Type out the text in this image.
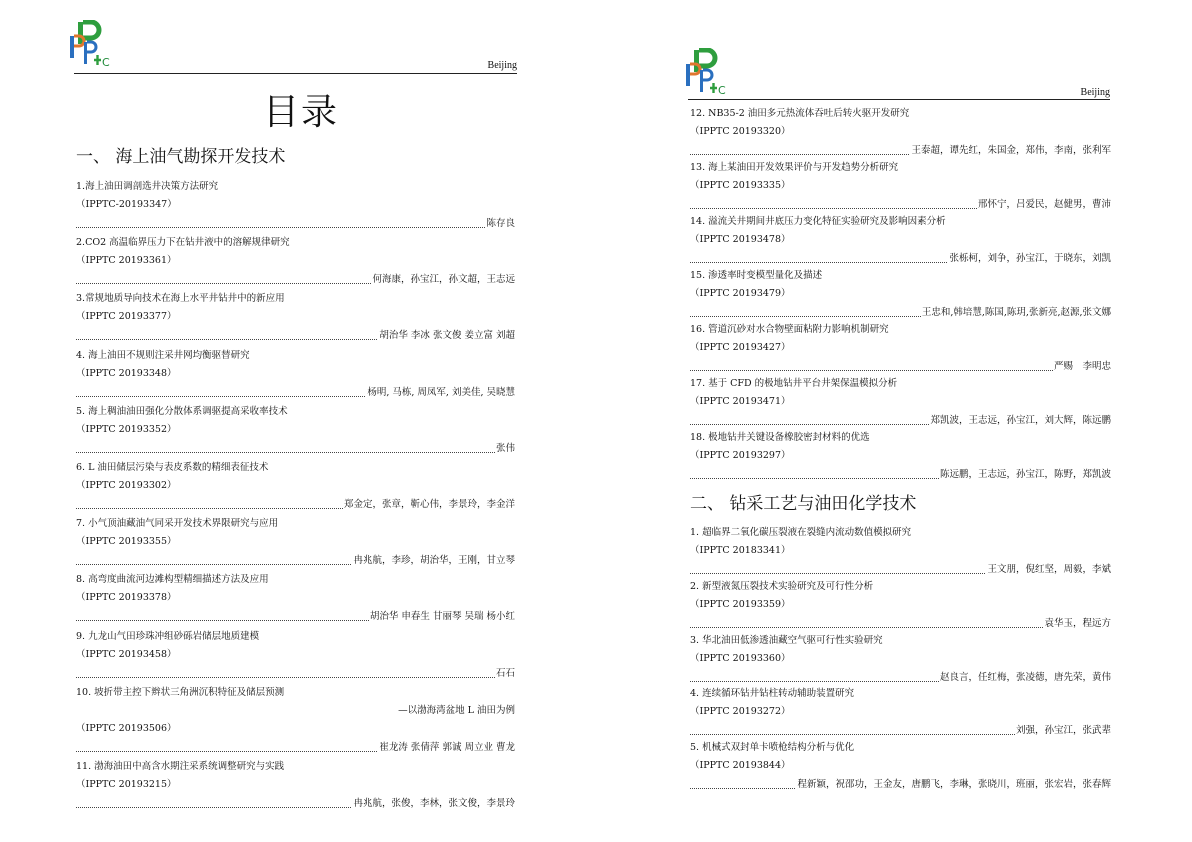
C	Beijing
目录
一、 海上油气勘探开发技术
1.海上油田调剖选井决策方法研究
（IPPTC-20193347）
陈存良
2.CO2 高温临界压力下在钻井液中的溶解规律研究
（IPPTC 20193361）
何海康，孙宝江，孙文超，王志远
3.常规地质导向技术在海上水平井钻井中的新应用
（IPPTC 20193377）
胡治华 李冰 张文俊 姜立富 刘超
4. 海上油田不规则注采井网均衡驱替研究
（IPPTC 20193348）
杨明, 马栋, 周凤军, 刘美佳, 吴晓慧
5. 海上稠油油田强化分散体系调驱提高采收率技术
（IPPTC 20193352）
张伟
6. L 油田储层污染与表皮系数的精细表征技术
（IPPTC 20193302）
郑金定，张章，靳心伟，李景玲，李金洋
7. 小气顶油藏油气同采开发技术界限研究与应用
（IPPTC 20193355）
冉兆航，李珍，胡治华，王刚，甘立琴
8. 高弯度曲流河边滩构型精细描述方法及应用
（IPPTC 20193378）
胡治华 申春生 甘丽琴 吴瑞 杨小红
9. 九龙山气田珍珠冲组砂砾岩储层地质建模
（IPPTC 20193458）
石石
10. 坡折带主控下辫状三角洲沉积特征及储层预测
—以渤海湾盆地 L 油田为例
（IPPTC 20193506）
崔龙涛 张倩萍 郭诚 周立业 曹龙
11. 渤海油田中高含水期注采系统调整研究与实践
（IPPTC 20193215）
冉兆航，张俊，李林，张文俊，李景玲
C	Beijing
12. NB35-2 油田多元热流体吞吐后转火驱开发研究
（IPPTC 20193320）
王泰超，谭先红，朱国金，郑伟，李南，张利军
13. 海上某油田开发效果评价与开发趋势分析研究
（IPPTC 20193335）
邢怀宁，吕爱民，赵健男，曹沛
14. 溢流关井期间井底压力变化特征实验研究及影响因素分析
（IPPTC 20193478）
张栎柯，刘争，孙宝江，于晓东，刘凯
15. 渗透率时变模型量化及描述
（IPPTC 20193479）
王忠和,韩培慧,陈国,陈玥,张新亮,赵源,张文娜
16. 管道沉砂对水合物壁面粘附力影响机制研究
（IPPTC 20193427）
严赐　李明忠
17. 基于 CFD 的极地钻井平台井架保温模拟分析
（IPPTC 20193471）
郑凯波，王志远，孙宝江，刘大辉，陈远鹏
18. 极地钻井关键设备橡胶密封材料的优选
（IPPTC 20193297）
陈远鹏，王志远，孙宝江，陈野，郑凯波
二、 钻采工艺与油田化学技术
1. 超临界二氧化碳压裂液在裂缝内流动数值模拟研究
（IPPTC 20183341）
王文朋，倪红坚，周毅，李斌
2. 新型液氮压裂技术实验研究及可行性分析
（IPPTC 20193359）
袁华玉，程远方
3. 华北油田低渗透油藏空气驱可行性实验研究
（IPPTC 20193360）
赵良言，任红梅，张凌德，唐先荣，黄伟
4. 连续循环钻井钻柱转动辅助装置研究
（IPPTC 20193272）
刘强，孙宝江，张武辈
5. 机械式双封单卡喷枪结构分析与优化
（IPPTC 20193844）
程新颖，祝邵功，王金友，唐鹏飞，李琳，张晓川，班丽，张宏岩，张春辉
